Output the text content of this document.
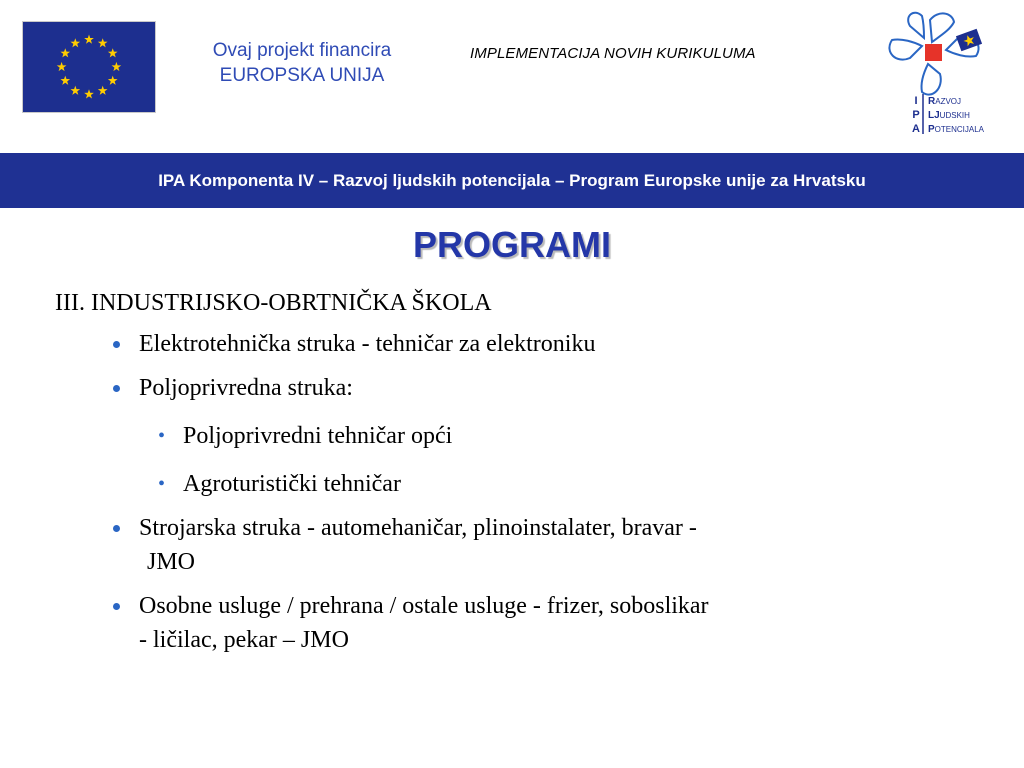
Ovaj projekt financira
EUROPSKA UNIJA
IMPLEMENTACIJA NOVIH KURIKULUMA
I
P
A
RAZVOJ
LJUDSKIH
POTENCIJALA
IPA Komponenta IV – Razvoj ljudskih potencijala – Program Europske unije za Hrvatsku
PROGRAMI
III. INDUSTRIJSKO-OBRTNIČKA ŠKOLA
Elektrotehnička struka - tehničar za elektroniku
Poljoprivredna struka:
• Poljoprivredni tehničar opći
• Agroturistički tehničar
Strojarska struka - automehaničar, plinoinstalater, bravar -
JMO
Osobne usluge / prehrana / ostale usluge - frizer, soboslikar
- ličilac, pekar – JMO
